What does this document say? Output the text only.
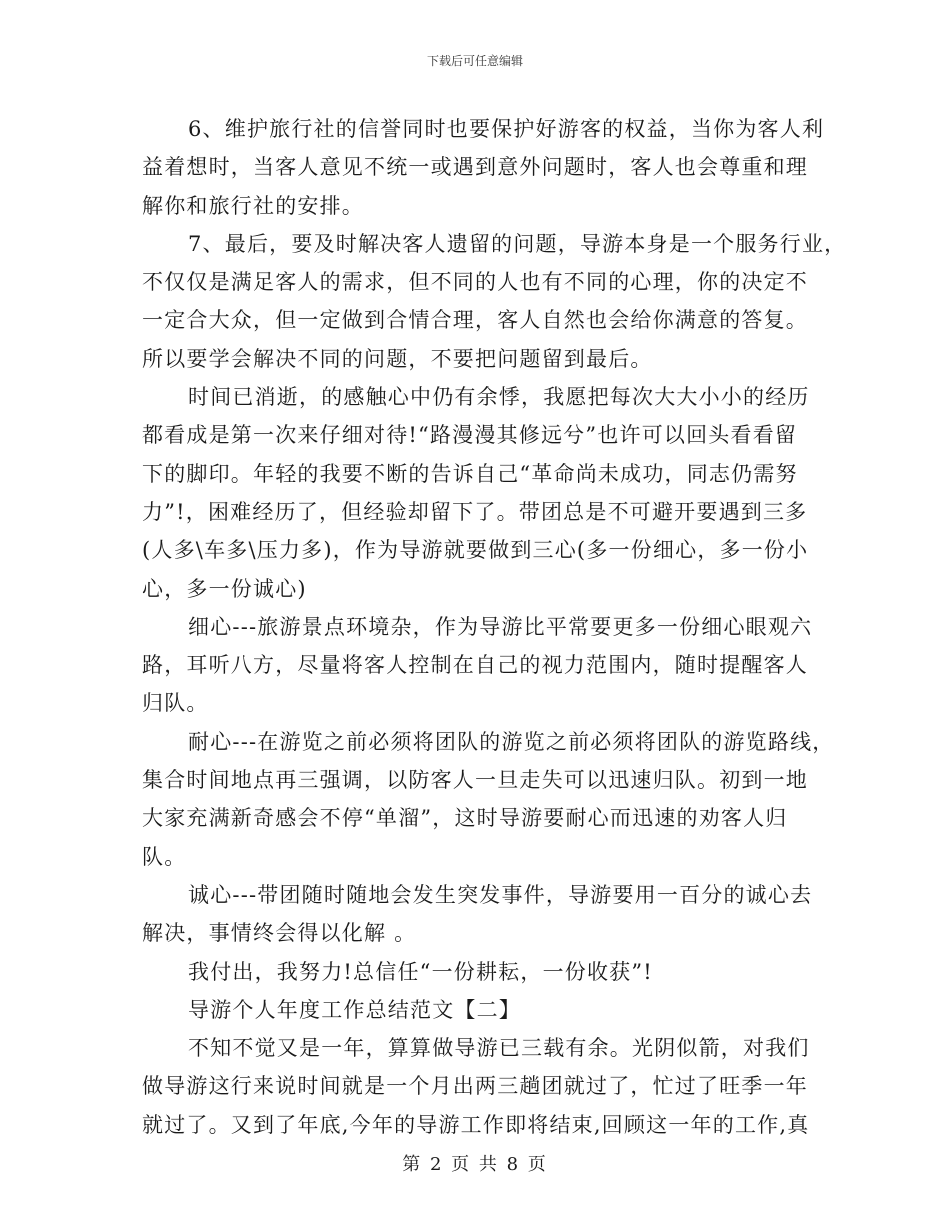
下载后可任意编辑

6、维护旅行社的信誉同时也要保护好游客的权益，当你为客人利
益着想时，当客人意见不统一或遇到意外问题时，客人也会尊重和理
解你和旅行社的安排。

7、最后，要及时解决客人遗留的问题，导游本身是一个服务行业，
不仅仅是满足客人的需求，但不同的人也有不同的心理，你的决定不
一定合大众，但一定做到合情合理，客人自然也会给你满意的答复。
所以要学会解决不同的问题，不要把问题留到最后。

时间已消逝，的感触心中仍有余悸，我愿把每次大大小小的经历
都看成是第一次来仔细对待!“路漫漫其修远兮”也许可以回头看看留
下的脚印。年轻的我要不断的告诉自己“革命尚未成功，同志仍需努
力”!，困难经历了，但经验却留下了。带团总是不可避开要遇到三多
(人多\车多\压力多)，作为导游就要做到三心(多一份细心，多一份小
心，多一份诚心)

细心---旅游景点环境杂，作为导游比平常要更多一份细心眼观六
路，耳听八方，尽量将客人控制在自己的视力范围内，随时提醒客人
归队。

耐心---在游览之前必须将团队的游览之前必须将团队的游览路线，
集合时间地点再三强调，以防客人一旦走失可以迅速归队。初到一地
大家充满新奇感会不停“单溜”，这时导游要耐心而迅速的劝客人归
队。

诚心---带团随时随地会发生突发事件，导游要用一百分的诚心去
解决，事情终会得以化解 。

我付出，我努力!总信任“一份耕耘，一份收获”!

导游个人年度工作总结范文【二】

不知不觉又是一年，算算做导游已三载有余。光阴似箭，对我们
做导游这行来说时间就是一个月出两三趟团就过了，忙过了旺季一年
就过了。又到了年底,今年的导游工作即将结束,回顾这一年的工作,真

第 2 页 共 8 页
